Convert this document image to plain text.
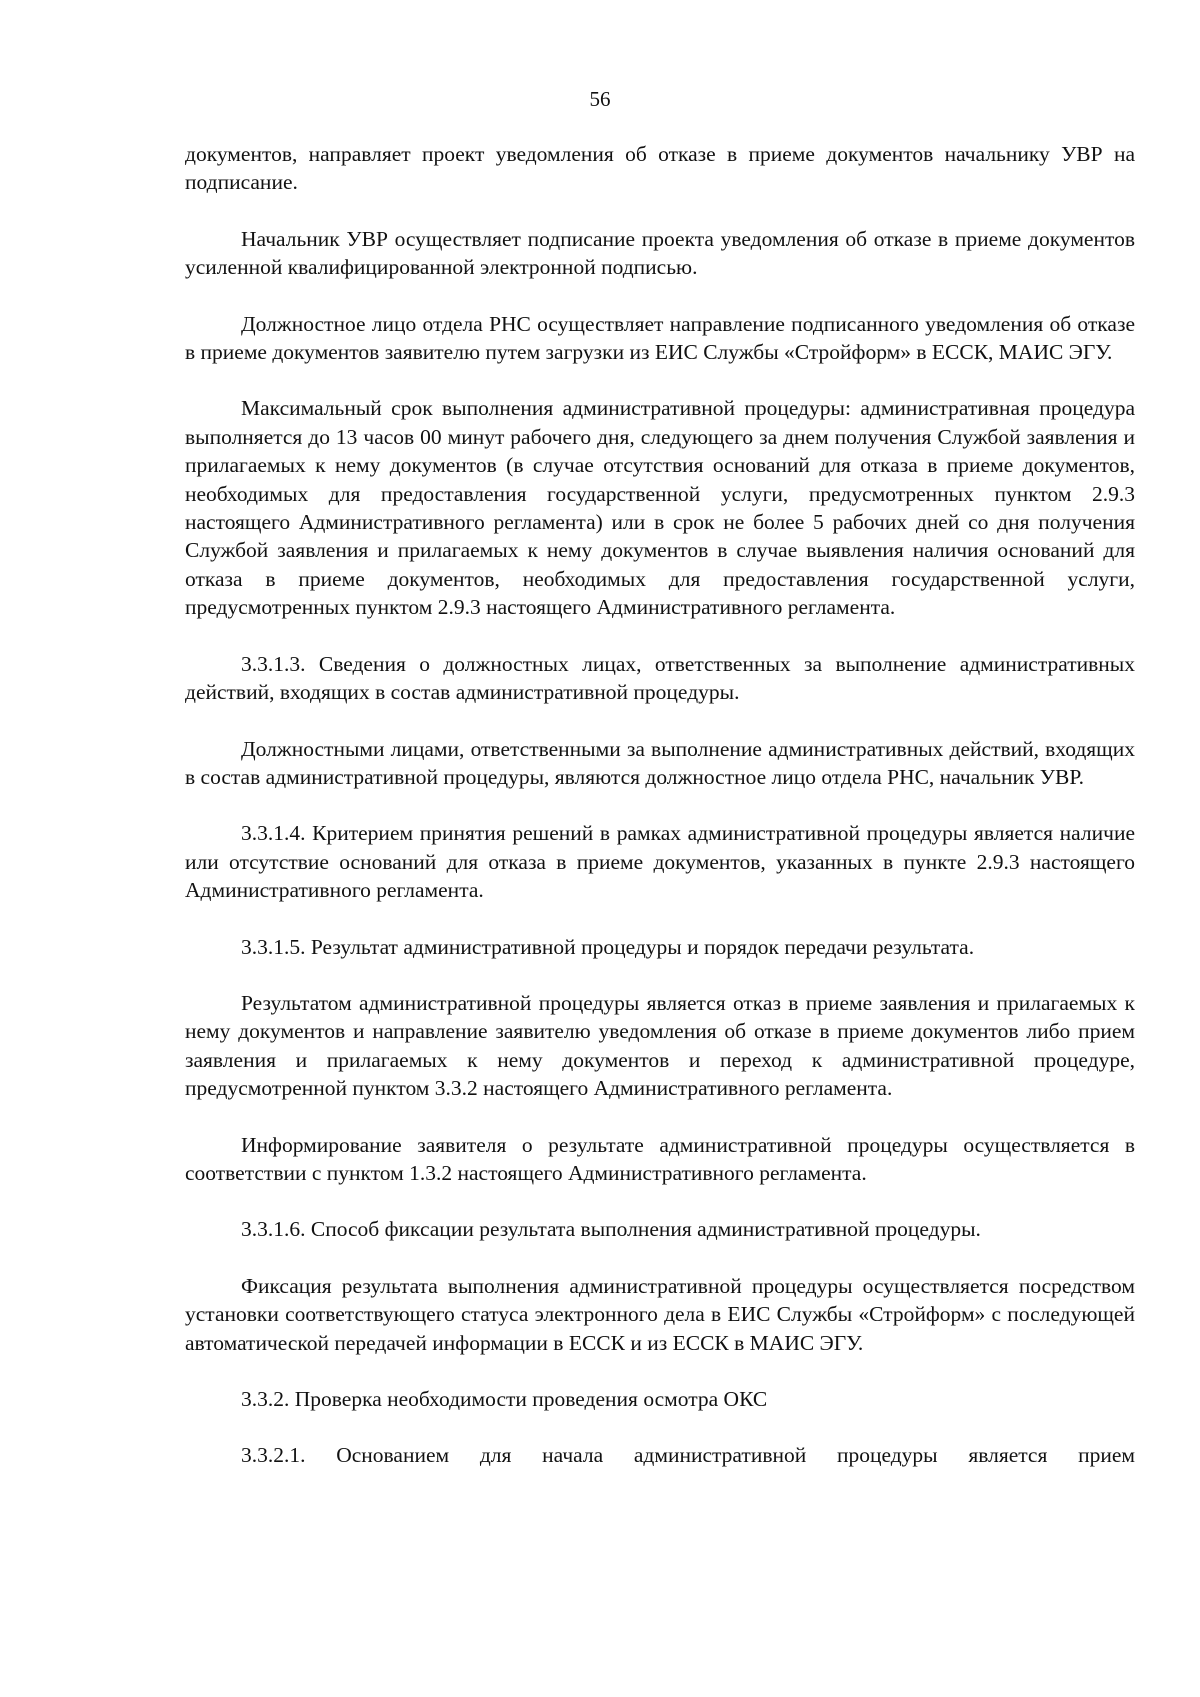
56

документов, направляет проект уведомления об отказе в приеме документов начальнику УВР на подписание.

Начальник УВР осуществляет подписание проекта уведомления об отказе в приеме документов усиленной квалифицированной электронной подписью.

Должностное лицо отдела РНС осуществляет направление подписанного уведомления об отказе в приеме документов заявителю путем загрузки из ЕИС Службы «Стройформ» в ЕССК, МАИС ЭГУ.

Максимальный срок выполнения административной процедуры: административная процедура выполняется до 13 часов 00 минут рабочего дня, следующего за днем получения Службой заявления и прилагаемых к нему документов (в случае отсутствия оснований для отказа в приеме документов, необходимых для предоставления государственной услуги, предусмотренных пунктом 2.9.3 настоящего Административного регламента) или в срок не более 5 рабочих дней со дня получения Службой заявления и прилагаемых к нему документов в случае выявления наличия оснований для отказа в приеме документов, необходимых для предоставления государственной услуги, предусмотренных пунктом 2.9.3 настоящего Административного регламента.

3.3.1.3. Сведения о должностных лицах, ответственных за выполнение административных действий, входящих в состав административной процедуры.

Должностными лицами, ответственными за выполнение административных действий, входящих в состав административной процедуры, являются должностное лицо отдела РНС, начальник УВР.

3.3.1.4. Критерием принятия решений в рамках административной процедуры является наличие или отсутствие оснований для отказа в приеме документов, указанных в пункте 2.9.3 настоящего Административного регламента.

3.3.1.5. Результат административной процедуры и порядок передачи результата.

Результатом административной процедуры является отказ в приеме заявления и прилагаемых к нему документов и направление заявителю уведомления об отказе в приеме документов либо прием заявления и прилагаемых к нему документов и переход к административной процедуре, предусмотренной пунктом 3.3.2 настоящего Административного регламента.

Информирование заявителя о результате административной процедуры осуществляется в соответствии с пунктом 1.3.2 настоящего Административного регламента.

3.3.1.6. Способ фиксации результата выполнения административной процедуры.

Фиксация результата выполнения административной процедуры осуществляется посредством установки соответствующего статуса электронного дела в ЕИС Службы «Стройформ» с последующей автоматической передачей информации в ЕССК и из ЕССК в МАИС ЭГУ.

3.3.2. Проверка необходимости проведения осмотра ОКС

3.3.2.1. Основанием для начала административной процедуры является прием
